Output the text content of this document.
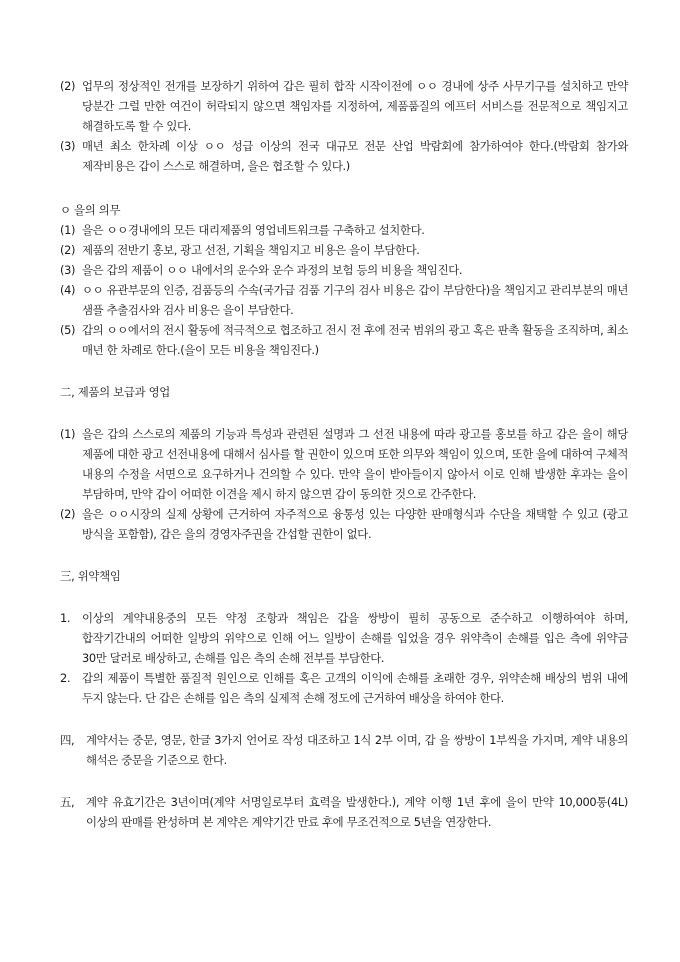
(2) 업무의 정상적인 전개를 보장하기 위하여 갑은 필히 합작 시작이전에 ㅇㅇ 경내에 상주 사무기구를 설치하고 만약 당분간 그럴 만한 여건이 허락되지 않으면 책임자를 지정하여, 제품품질의 에프터 서비스를 전문적으로 책임지고 해결하도록 할 수 있다.
(3) 매년 최소 한차례 이상 ㅇㅇ 성급 이상의 전국 대규모 전문 산업 박람회에 참가하여야 한다.(박람회 참가와 제작비용은 갑이 스스로 해결하며, 을은 협조할 수 있다.)
ㅇ 을의 의무
(1) 을은 ㅇㅇ경내에의 모든 대리제품의 영업네트워크를 구축하고 설치한다.
(2) 제품의 전반기 홍보, 광고 선전, 기획을 책임지고 비용은 을이 부담한다.
(3) 을은 갑의 제품이 ㅇㅇ 내에서의 운수와 운수 과정의 보험 등의 비용을 책임진다.
(4) ㅇㅇ 유관부문의 인증, 검품등의 수속(국가급 검품 기구의 검사 비용은 갑이 부담한다)을 책임지고 관리부분의 매년 샘플 추출검사와 검사 비용은 을이 부담한다.
(5) 갑의 ㅇㅇ에서의 전시 활동에 적극적으로 협조하고 전시 전 후에 전국 범위의 광고 혹은 판촉 활동을 조직하며, 최소 매년 한 차례로 한다.(을이 모든 비용을 책임진다.)
二, 제품의 보급과 영업
(1) 을은 갑의 스스로의 제품의 기능과 특성과 관련된 설명과 그 선전 내용에 따라 광고를 홍보를 하고 갑은 을이 해당 제품에 대한 광고 선전내용에 대해서 심사를 할 권한이 있으며 또한 의무와 책임이 있으며, 또한 을에 대하여 구체적 내용의 수정을 서면으로 요구하거나 건의할 수 있다. 만약 을이 받아들이지 않아서 이로 인해 발생한 후과는 을이 부담하며, 만약 갑이 어떠한 이견을 제시 하지 않으면 갑이 동의한 것으로 간주한다.
(2) 을은 ㅇㅇ시장의 실제 상황에 근거하여 자주적으로 융통성 있는 다양한 판매형식과 수단을 채택할 수 있고 (광고 방식을 포함함), 갑은 을의 경영자주권을 간섭할 권한이 없다.
三, 위약책임
1. 이상의 계약내용중의 모든 약정 조항과 책임은 갑을 쌍방이 필히 공동으로 준수하고 이행하여야 하며, 합작기간내의 어떠한 일방의 위약으로 인해 어느 일방이 손해를 입었을 경우 위약측이 손해를 입은 측에 위약금 30만 달러로 배상하고, 손해를 입은 측의 손해 전부를 부담한다.
2. 갑의 제품이 특별한 품질적 원인으로 인해를 혹은 고객의 이익에 손해를 초래한 경우, 위약손해 배상의 범위 내에 두지 않는다. 단 갑은 손해를 입은 측의 실제적 손해 정도에 근거하여 배상을 하여야 한다.
四, 계약서는 중문, 영문, 한글 3가지 언어로 작성 대조하고 1식 2부 이며, 갑 을 쌍방이 1부씩을 가지며, 계약 내용의 해석은 중문을 기준으로 한다.
五, 계약 유효기간은 3년이며(계약 서명일로부터 효력을 발생한다.), 계약 이행 1년 후에 을이 만약 10,000통(4L)이상의 판매를 완성하며 본 계약은 계약기간 만료 후에 무조건적으로 5년을 연장한다.
